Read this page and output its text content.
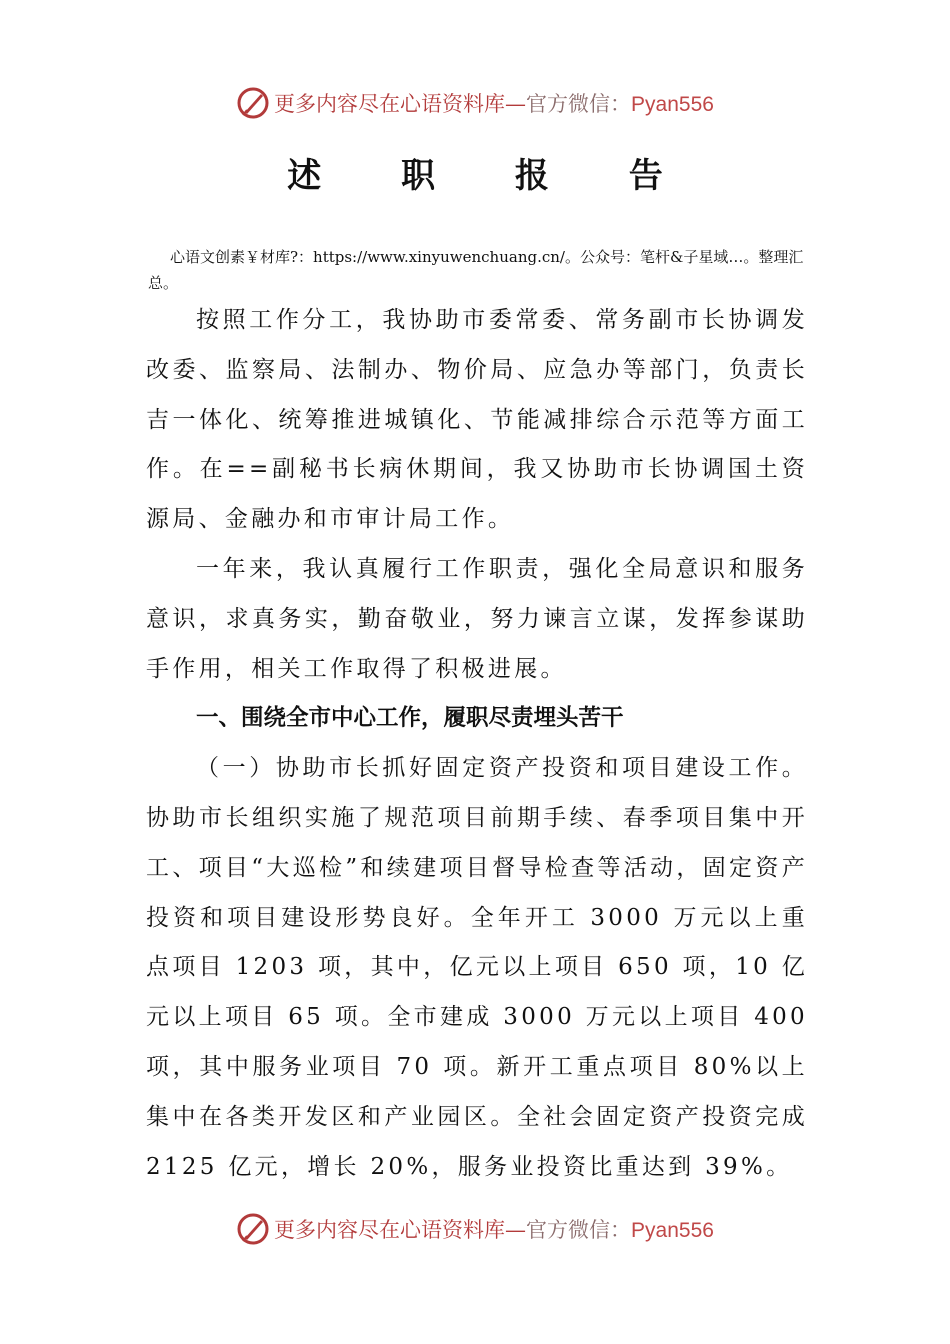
更多内容尽在心语资料库—官方微信：Pyan556
述 职 报 告
心语文创素￥材库?：https://www.xinyuwenchuang.cn/。公众号：笔杆&子星域…。整理汇总。

按照工作分工，我协助市委常委、常务副市长协调发改委、监察局、法制办、物价局、应急办等部门，负责长吉一体化、统筹推进城镇化、节能减排综合示范等方面工作。在==副秘书长病休期间，我又协助市长协调国土资源局、金融办和市审计局工作。

一年来，我认真履行工作职责，强化全局意识和服务意识，求真务实，勤奋敬业，努力谏言立谋，发挥参谋助手作用，相关工作取得了积极进展。

一、围绕全市中心工作，履职尽责埋头苦干

（一）协助市长抓好固定资产投资和项目建设工作。协助市长组织实施了规范项目前期手续、春季项目集中开工、项目“大巡检”和续建项目督导检查等活动，固定资产投资和项目建设形势良好。全年开工 3000 万元以上重点项目 1203 项，其中，亿元以上项目 650 项，10 亿元以上项目 65 项。全市建成 3000 万元以上项目 400 项，其中服务业项目 70 项。新开工重点项目 80%以上集中在各类开发区和产业园区。全社会固定资产投资完成 2125 亿元，增长 20%，服务业投资比重达到 39%。

更多内容尽在心语资料库—官方微信：Pyan556
